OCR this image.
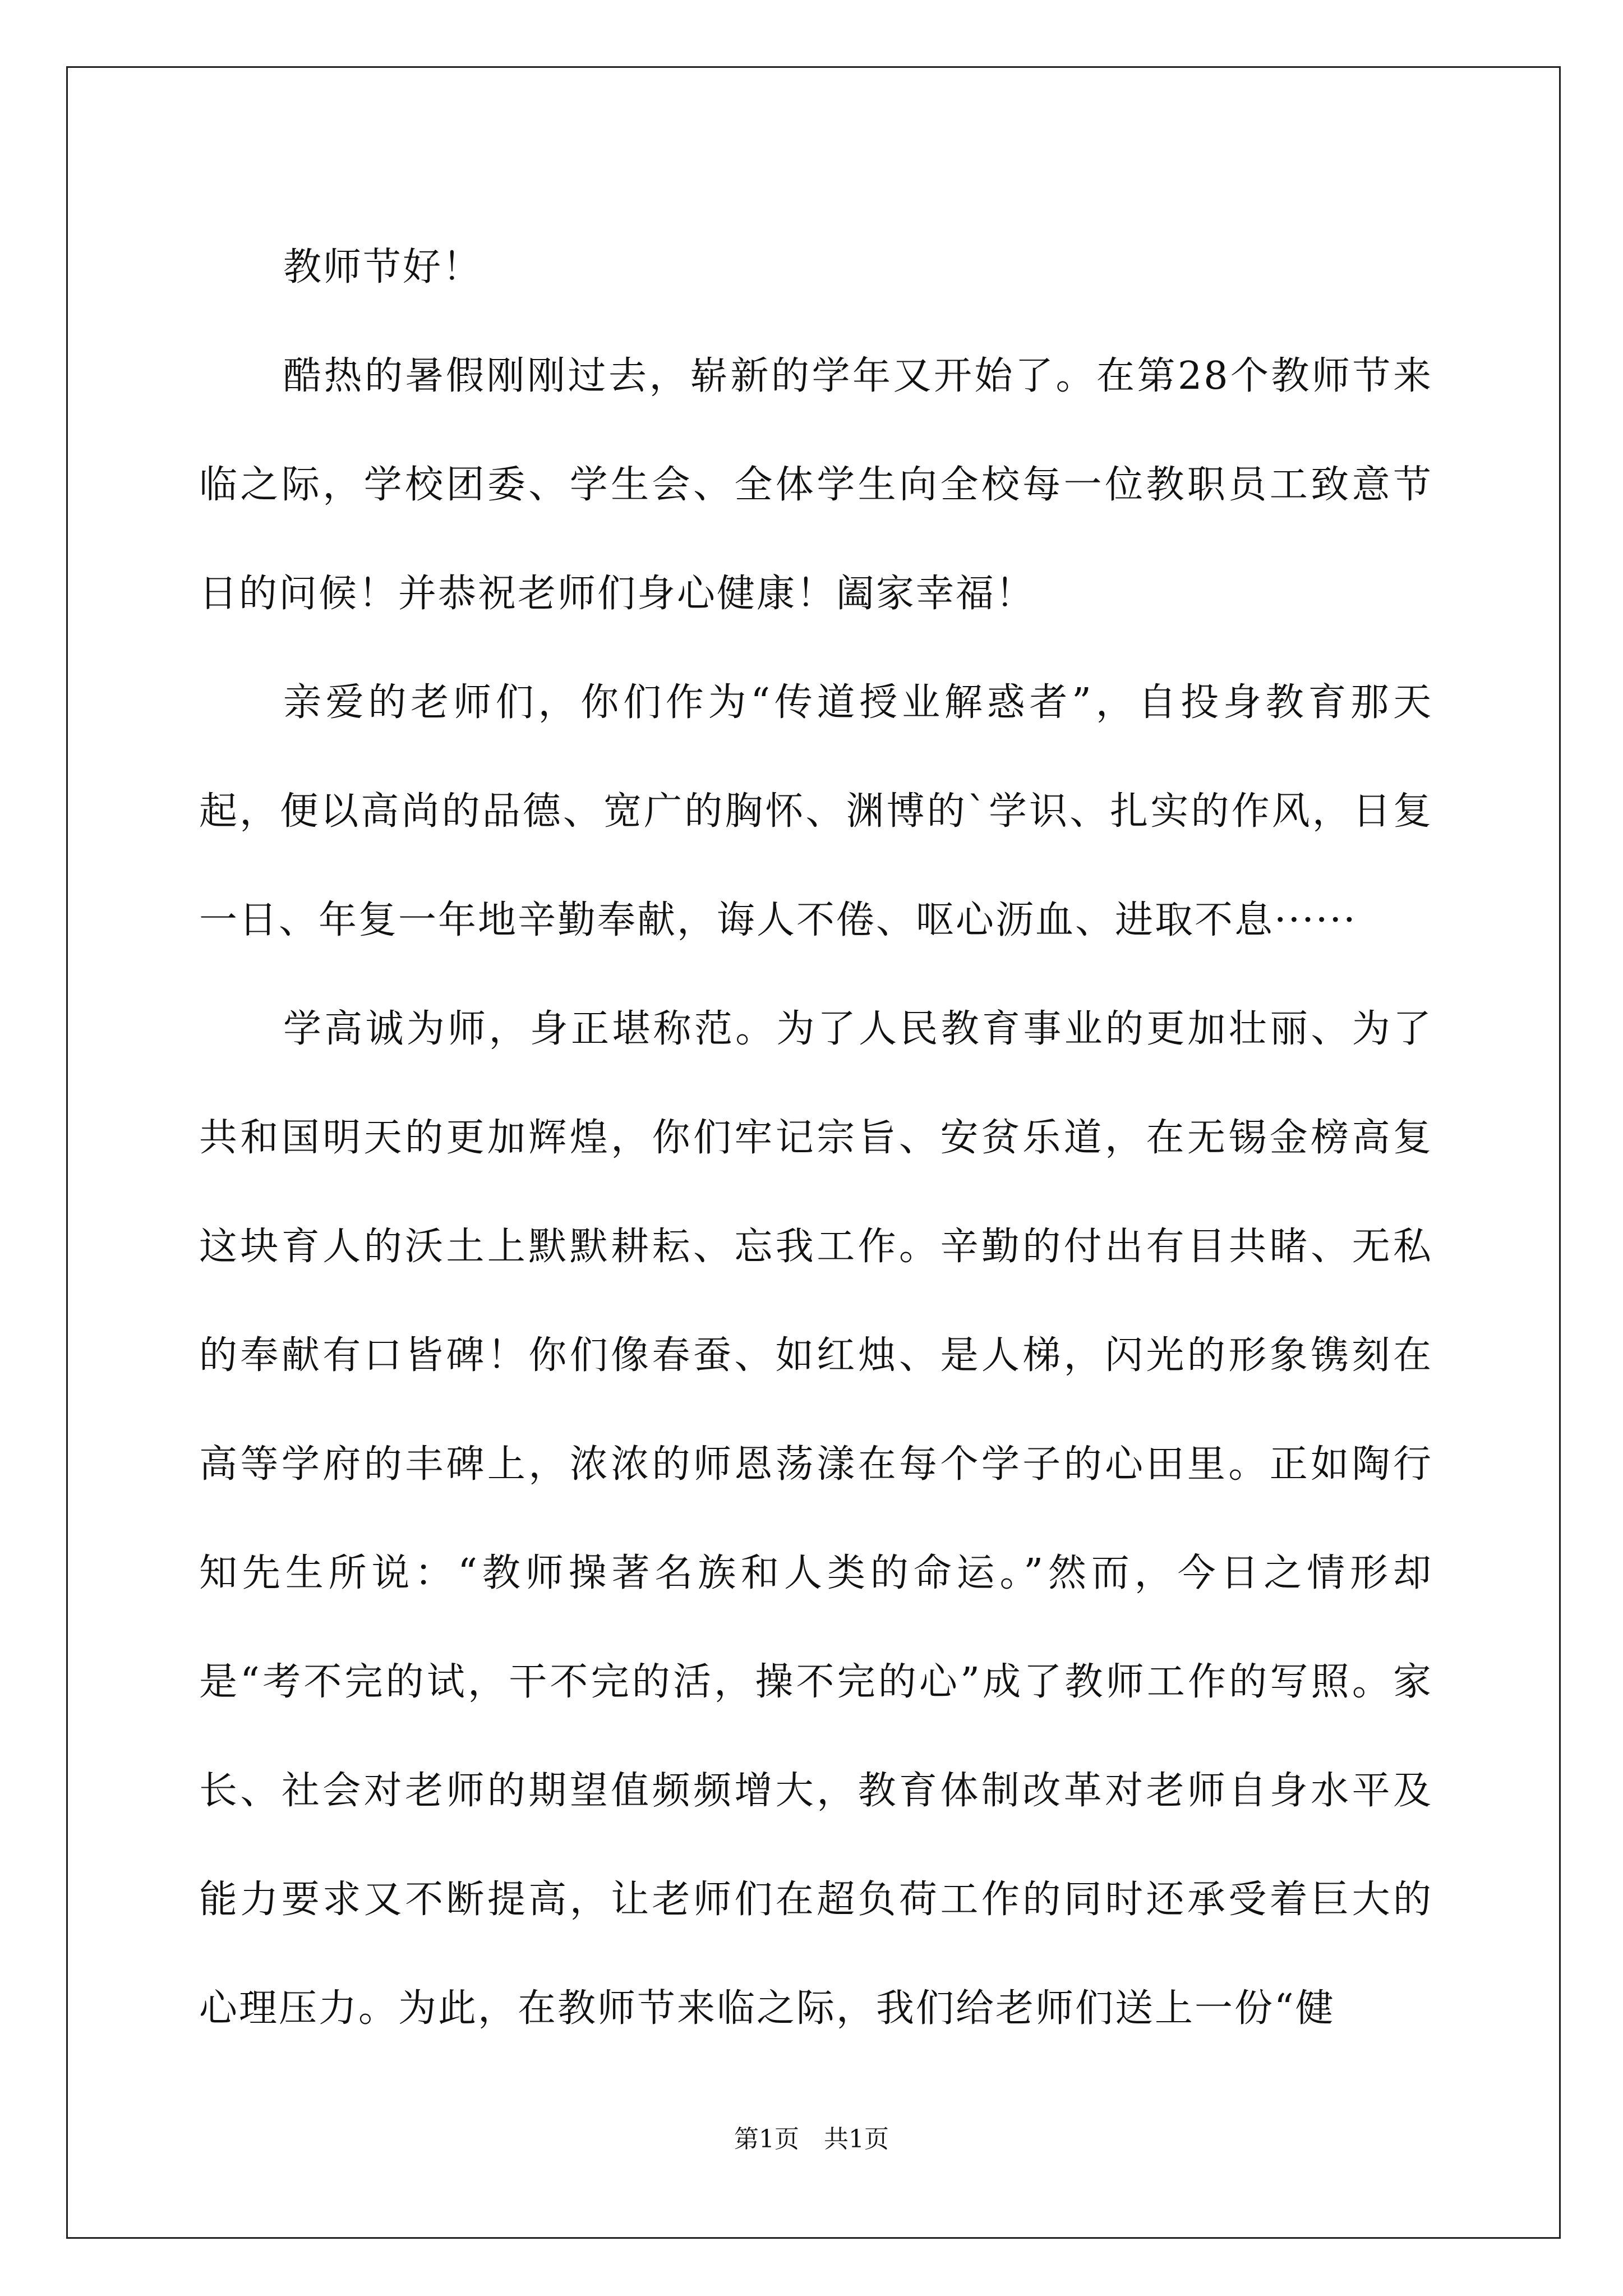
教师节好！

酷热的暑假刚刚过去，崭新的学年又开始了。在第28个教师节来临之际，学校团委、学生会、全体学生向全校每一位教职员工致意节日的问候！并恭祝老师们身心健康！阖家幸福！

亲爱的老师们，你们作为“传道授业解惑者”，自投身教育那天起，便以高尚的品德、宽广的胸怀、渊博的`学识、扎实的作风，日复一日、年复一年地辛勤奉献，诲人不倦、呕心沥血、进取不息······

学高诚为师，身正堪称范。为了人民教育事业的更加壮丽、为了共和国明天的更加辉煌，你们牢记宗旨、安贫乐道，在无锡金榜高复这块育人的沃土上默默耕耘、忘我工作。辛勤的付出有目共睹、无私的奉献有口皆碑！你们像春蚕、如红烛、是人梯，闪光的形象镌刻在高等学府的丰碑上，浓浓的师恩荡漾在每个学子的心田里。正如陶行知先生所说：“教师操著名族和人类的命运。”然而，今日之情形却是“考不完的试，干不完的活，操不完的心”成了教师工作的写照。家长、社会对老师的期望值频频增大，教育体制改革对老师自身水平及能力要求又不断提高，让老师们在超负荷工作的同时还承受着巨大的心理压力。为此，在教师节来临之际，我们给老师们送上一份“健

第1页　共1页
